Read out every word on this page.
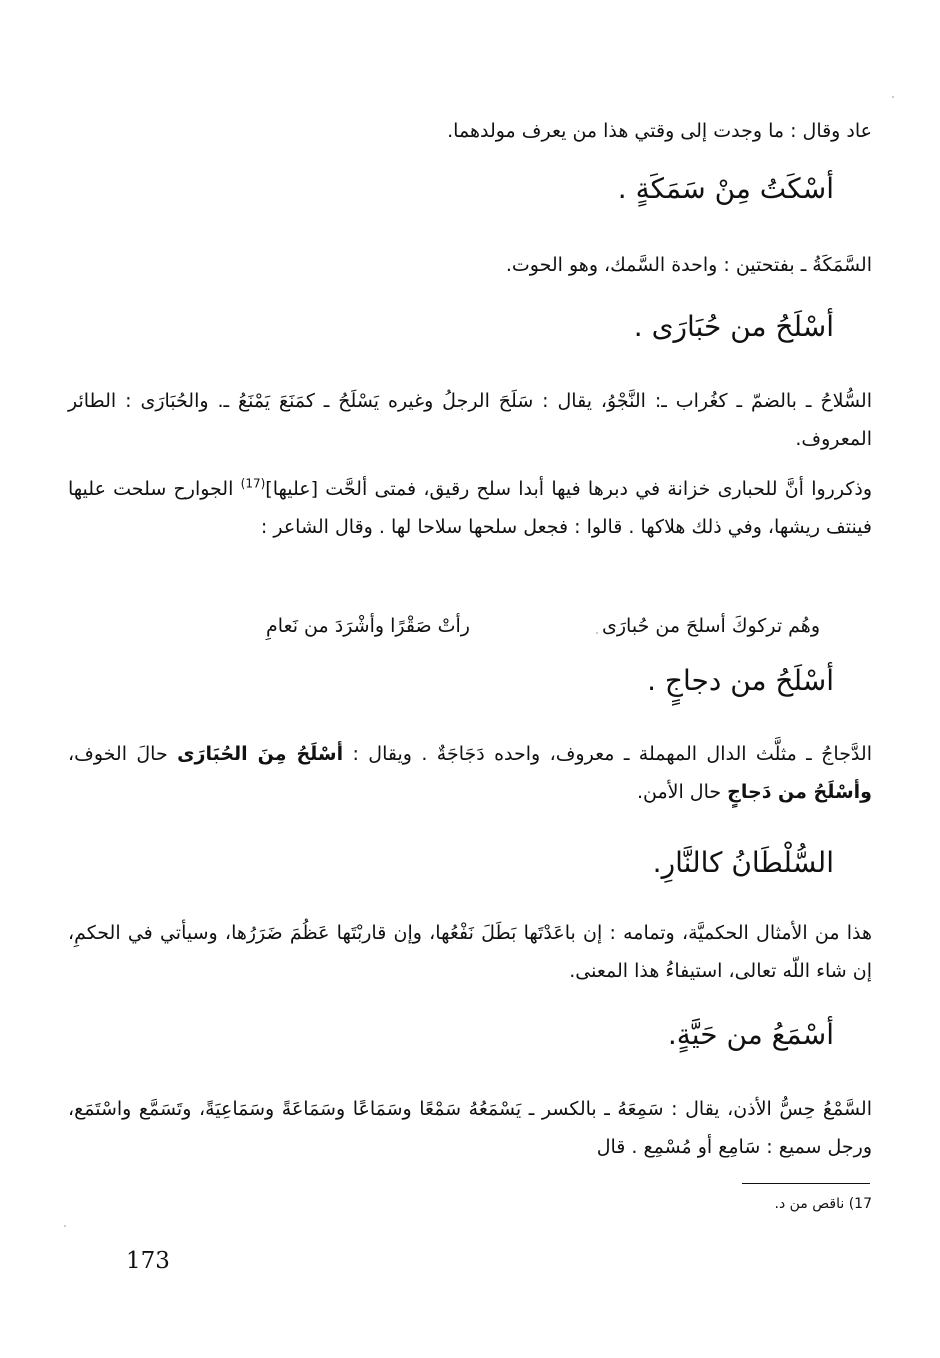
عاد وقال : ما وجدت إلى وقتي هذا من يعرف مولدهما.

أسْكَتُ مِنْ سَمَكَةٍ .

السَّمَكَةُ ـ بفتحتين : واحدة السَّمك، وهو الحوت.

أسْلَحُ من حُبَارَى .

السُّلاحُ ـ بالضمّ ـ كغُراب ـ: النَّجْوُ، يقال : سَلَحَ الرجلُ وغيره يَسْلَحُ ـ كمَنَعَ يَمْنَعُ ـ. والحُبَارَى : الطائر المعروف.

وذكرروا أنَّ للحبارى خزانة في دبرها فيها أبدا سلح رقيق، فمتى ألحَّت [عليها]$^{(17)}$ الجوارح سلحت عليها فينتف ريشها، وفي ذلك هلاكها . قالوا : فجعل سلحها سلاحا لها . وقال الشاعر :

وهُم تركوكَ أسلحَ من حُبارَى
رأتْ صَقْرًا وأشْرَدَ من نَعامِ
أسْلَحُ من دجاجٍ .

الدَّجاجُ ـ مثلَّث الدال المهملة ـ معروف، واحده دَجَاجَةٌ . ويقال : أسْلَحُ مِنَ الحُبَارَى حالَ الخوف، وأسْلَحُ من دَجاجٍ حال الأمن.

السُّلْطَانُ كالنَّارِ.

هذا من الأمثال الحكميَّة، وتمامه : إن باعَدْتَها بَطَلَ نَفْعُها، وإن قاربْتَها عَظُمَ ضَرَرُها، وسيأتي في الحكمِ، إن شاء اللّه تعالى، استيفاءُ هذا المعنى.

أسْمَعُ من حَيَّةٍ.

السَّمْعُ حِسُّ الأذن، يقال : سَمِعَهُ ـ بالكسر ـ يَسْمَعُهُ سَمْعًا وسَمَاعًا وسَمَاعَةً وسَمَاعِيَةً، وتَسَمَّع واسْتَمَع، ورجل سميع : سَامِع أو مُسْمِع . قال

17) ناقص من د.
173
